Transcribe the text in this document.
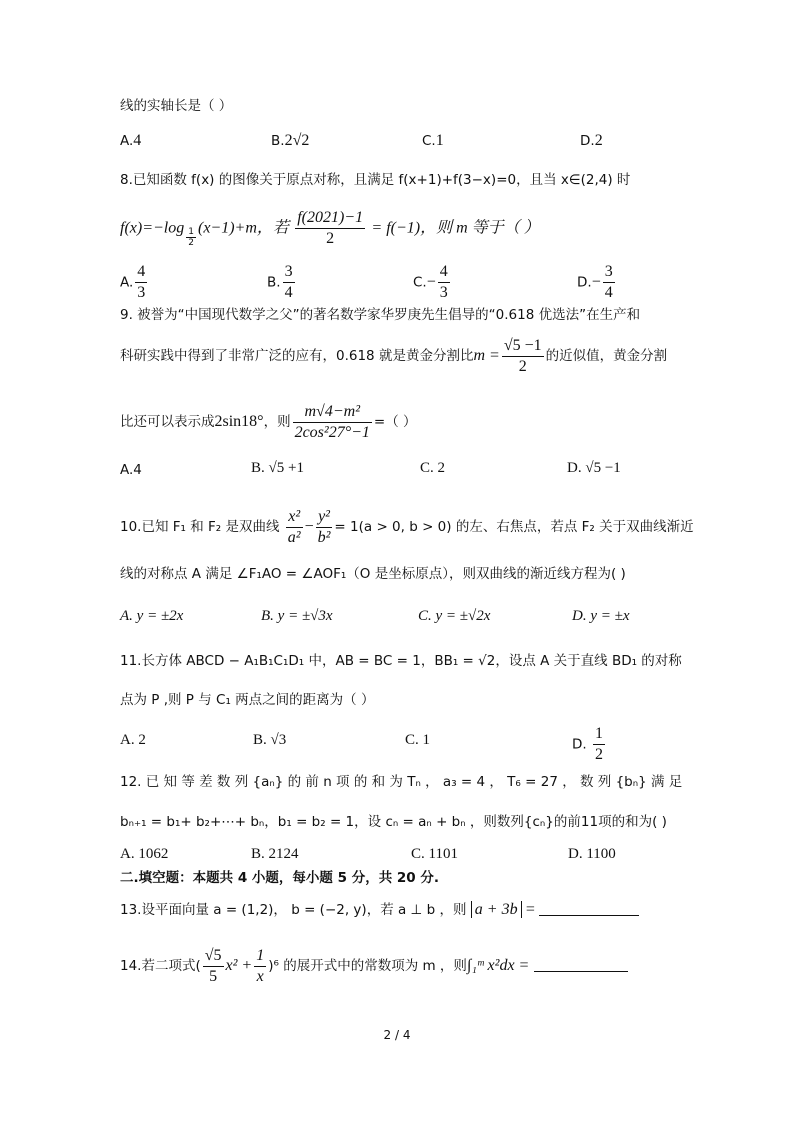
线的实轴长是（ ）
A.4	B.2√2	C.1	D.2
8.已知函数 f(x) 的图像关于原点对称，且满足 f(x+1)+f(3−x)=0，且当 x∈(2,4) 时
$f(x)=-\log \frac{1}{2} (x-1)+m$，若 $\frac{f(2021)-1}{2} = f(-1)$，则 m 等于（ ）
A. $\frac{4}{3}$	B. $\frac{3}{4}$	$C.- \frac{4}{3}$	$D.- \frac{3}{4}$
9. 被誉为“中国现代数学之父”的著名数学家华罗庚先生倡导的“0.618 优选法”在生产和
科研实践中得到了非常广泛的应有，0.618 就是黄金分割比$m = \frac{√5 -1}{2}$ 的近似值，黄金分割
比还可以表示成2sin18°，则 $\frac{\text{m√4−m²}}{\text{2cos²27°−1}}$ =（ ）
A.4	B. √5 +1	C. 2	D. √5 −1
10.已知 F₁ 和 F₂ 是双曲线 $\frac{\text{x²}}{\text{a²}} - \frac{\text{y²}}{\text{b²}} = 1(a > 0$, b > 0) 的左、右焦点，若点 F₂ 关于双曲线渐近
线的对称点 A 满足 ∠F₁AO = ∠AOF₁（O 是坐标原点），则双曲线的渐近线方程为( )
A. y = ±2x	B. y = ±√3x	C. y = ±√2x	D. y = ±x
11.长方体 ABCD − A₁B₁C₁D₁ 中，AB = BC = 1，BB₁ = √2，设点 A 关于直线 BD₁ 的对称
点为 P ,则 P 与 C₁ 两点之间的距离为（ ）
A. 2	B. √3	C. 1	D. $\frac{1}{2}$
12. 已 知 等 差 数 列 {aₙ} 的 前 n 项 的 和 为 Tₙ ， a₃ = 4 ， T₆ = 27 ， 数 列 {bₙ} 满 足
bₙ₊₁ = b₁+ b₂+⋯+ bₙ，b₁ = b₂ = 1，设 cₙ = aₙ + bₙ ，则数列{cₙ}的前11项的和为( )
A. 1062	B. 2124	C. 1101	D. 1100
二.填空题：本题共 4 小题，每小题 5 分，共 20 分.
13.设平面向量 a = (1,2)， b = (−2, y)，若 a ⊥ b ，则 a + 3b =
14.若二项式( $\frac{√5}{5} x^2 + \frac{1}{x} )^6$ 的展开式中的常数项为 m ，则∫₁ᵐ x²dx =
2 / 4
